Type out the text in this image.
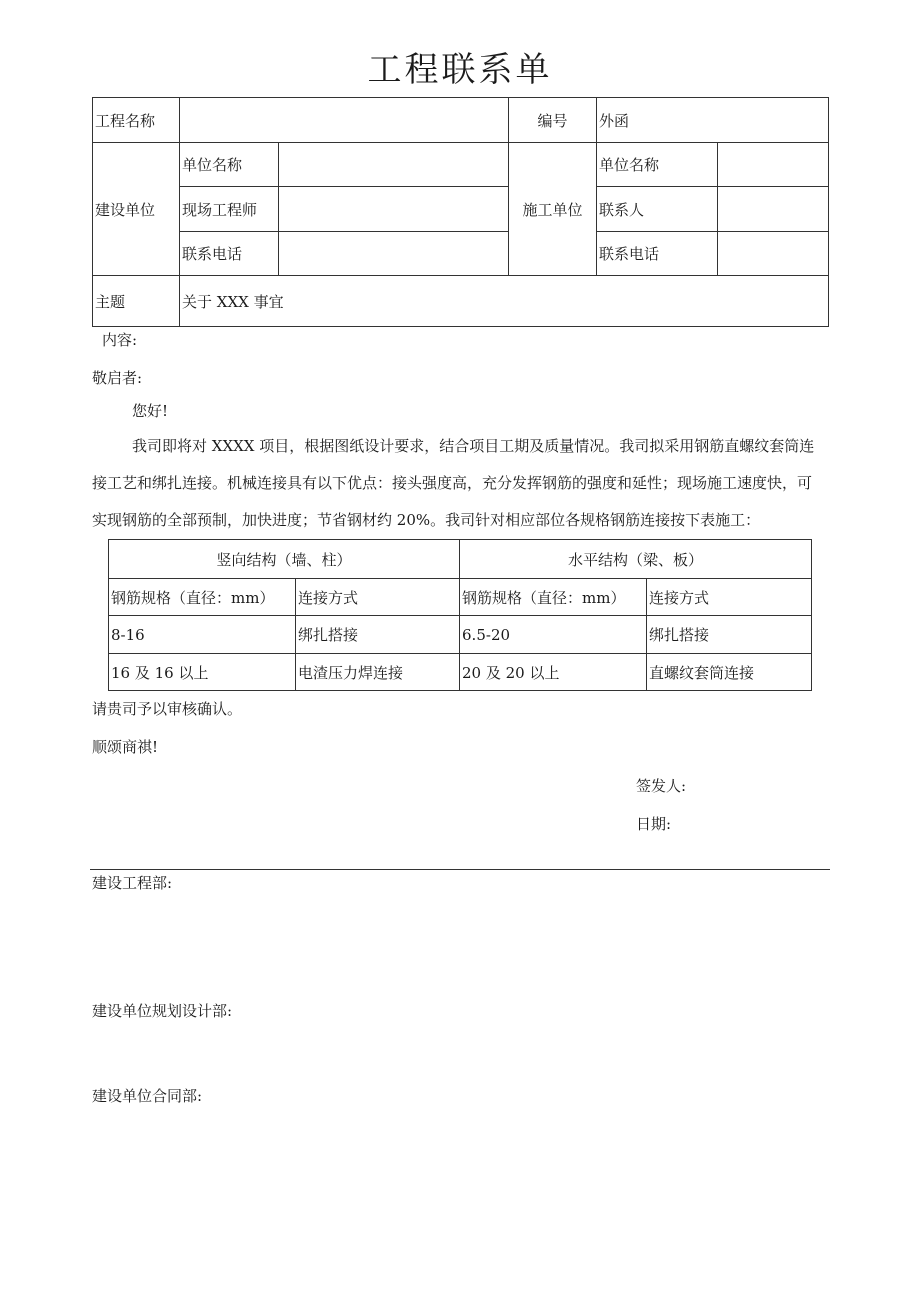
工程联系单
工程名称			编号	外函	
建设单位	单位名称		施工单位	单位名称	
	现场工程师			联系人	
	联系电话			联系电话	
主题	关于 XXX 事宜				
内容:
敬启者:
您好!
我司即将对 XXXX 项目，根据图纸设计要求，结合项目工期及质量情况。我司拟采用钢筋直螺纹套筒连
接工艺和绑扎连接。机械连接具有以下优点：接头强度高，充分发挥钢筋的强度和延性；现场施工速度快，可
实现钢筋的全部预制，加快进度；节省钢材约 20%。我司针对相应部位各规格钢筋连接按下表施工：
竖向结构（墙、柱）		水平结构（梁、板）	
钢筋规格（直径：mm）	连接方式	钢筋规格（直径：mm）	连接方式
8-16	绑扎搭接	6.5-20	绑扎搭接
16 及 16 以上	电渣压力焊连接	20 及 20 以上	直螺纹套筒连接
请贵司予以审核确认。
顺颂商祺!
签发人:
日期:
建设工程部:
建设单位规划设计部:
建设单位合同部:
